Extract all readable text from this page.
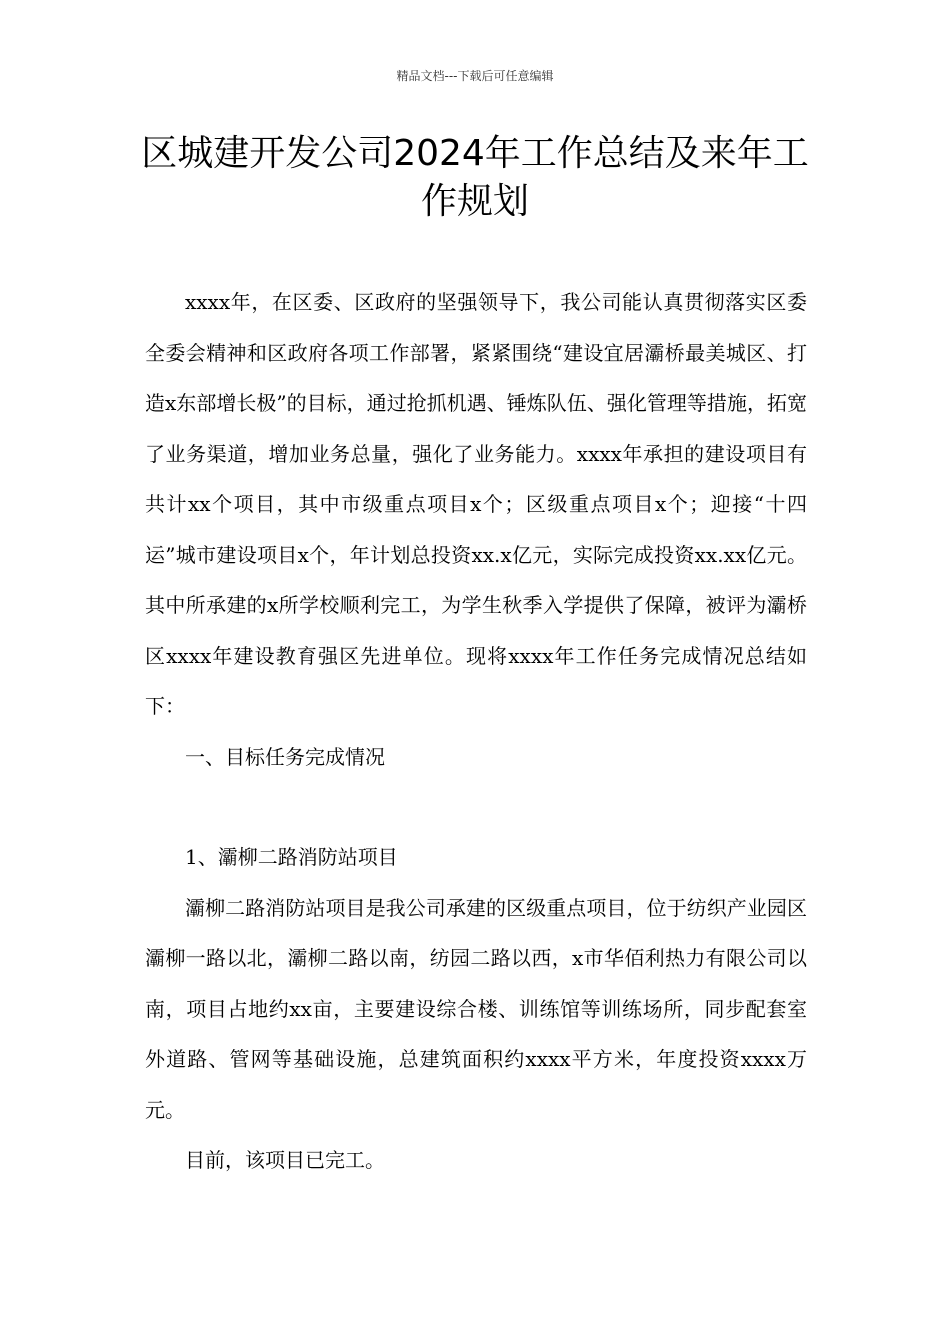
精品文档---下载后可任意编辑
区城建开发公司2024年工作总结及来年工作规划

xxxx年，在区委、区政府的坚强领导下，我公司能认真贯彻落实区委全委会精神和区政府各项工作部署，紧紧围绕“建设宜居灞桥最美城区、打造x东部增长极”的目标，通过抢抓机遇、锤炼队伍、强化管理等措施，拓宽了业务渠道，增加业务总量，强化了业务能力。xxxx年承担的建设项目有共计xx个项目，其中市级重点项目x个；区级重点项目x个；迎接“十四运”城市建设项目x个，年计划总投资xx.x亿元，实际完成投资xx.xx亿元。其中所承建的x所学校顺利完工，为学生秋季入学提供了保障，被评为灞桥区xxxx年建设教育强区先进单位。现将xxxx年工作任务完成情况总结如下：

一、目标任务完成情况

1、灞柳二路消防站项目

灞柳二路消防站项目是我公司承建的区级重点项目，位于纺织产业园区灞柳一路以北，灞柳二路以南，纺园二路以西，x市华佰利热力有限公司以南，项目占地约xx亩，主要建设综合楼、训练馆等训练场所，同步配套室外道路、管网等基础设施，总建筑面积约xxxx平方米，年度投资xxxx万元。

目前，该项目已完工。
